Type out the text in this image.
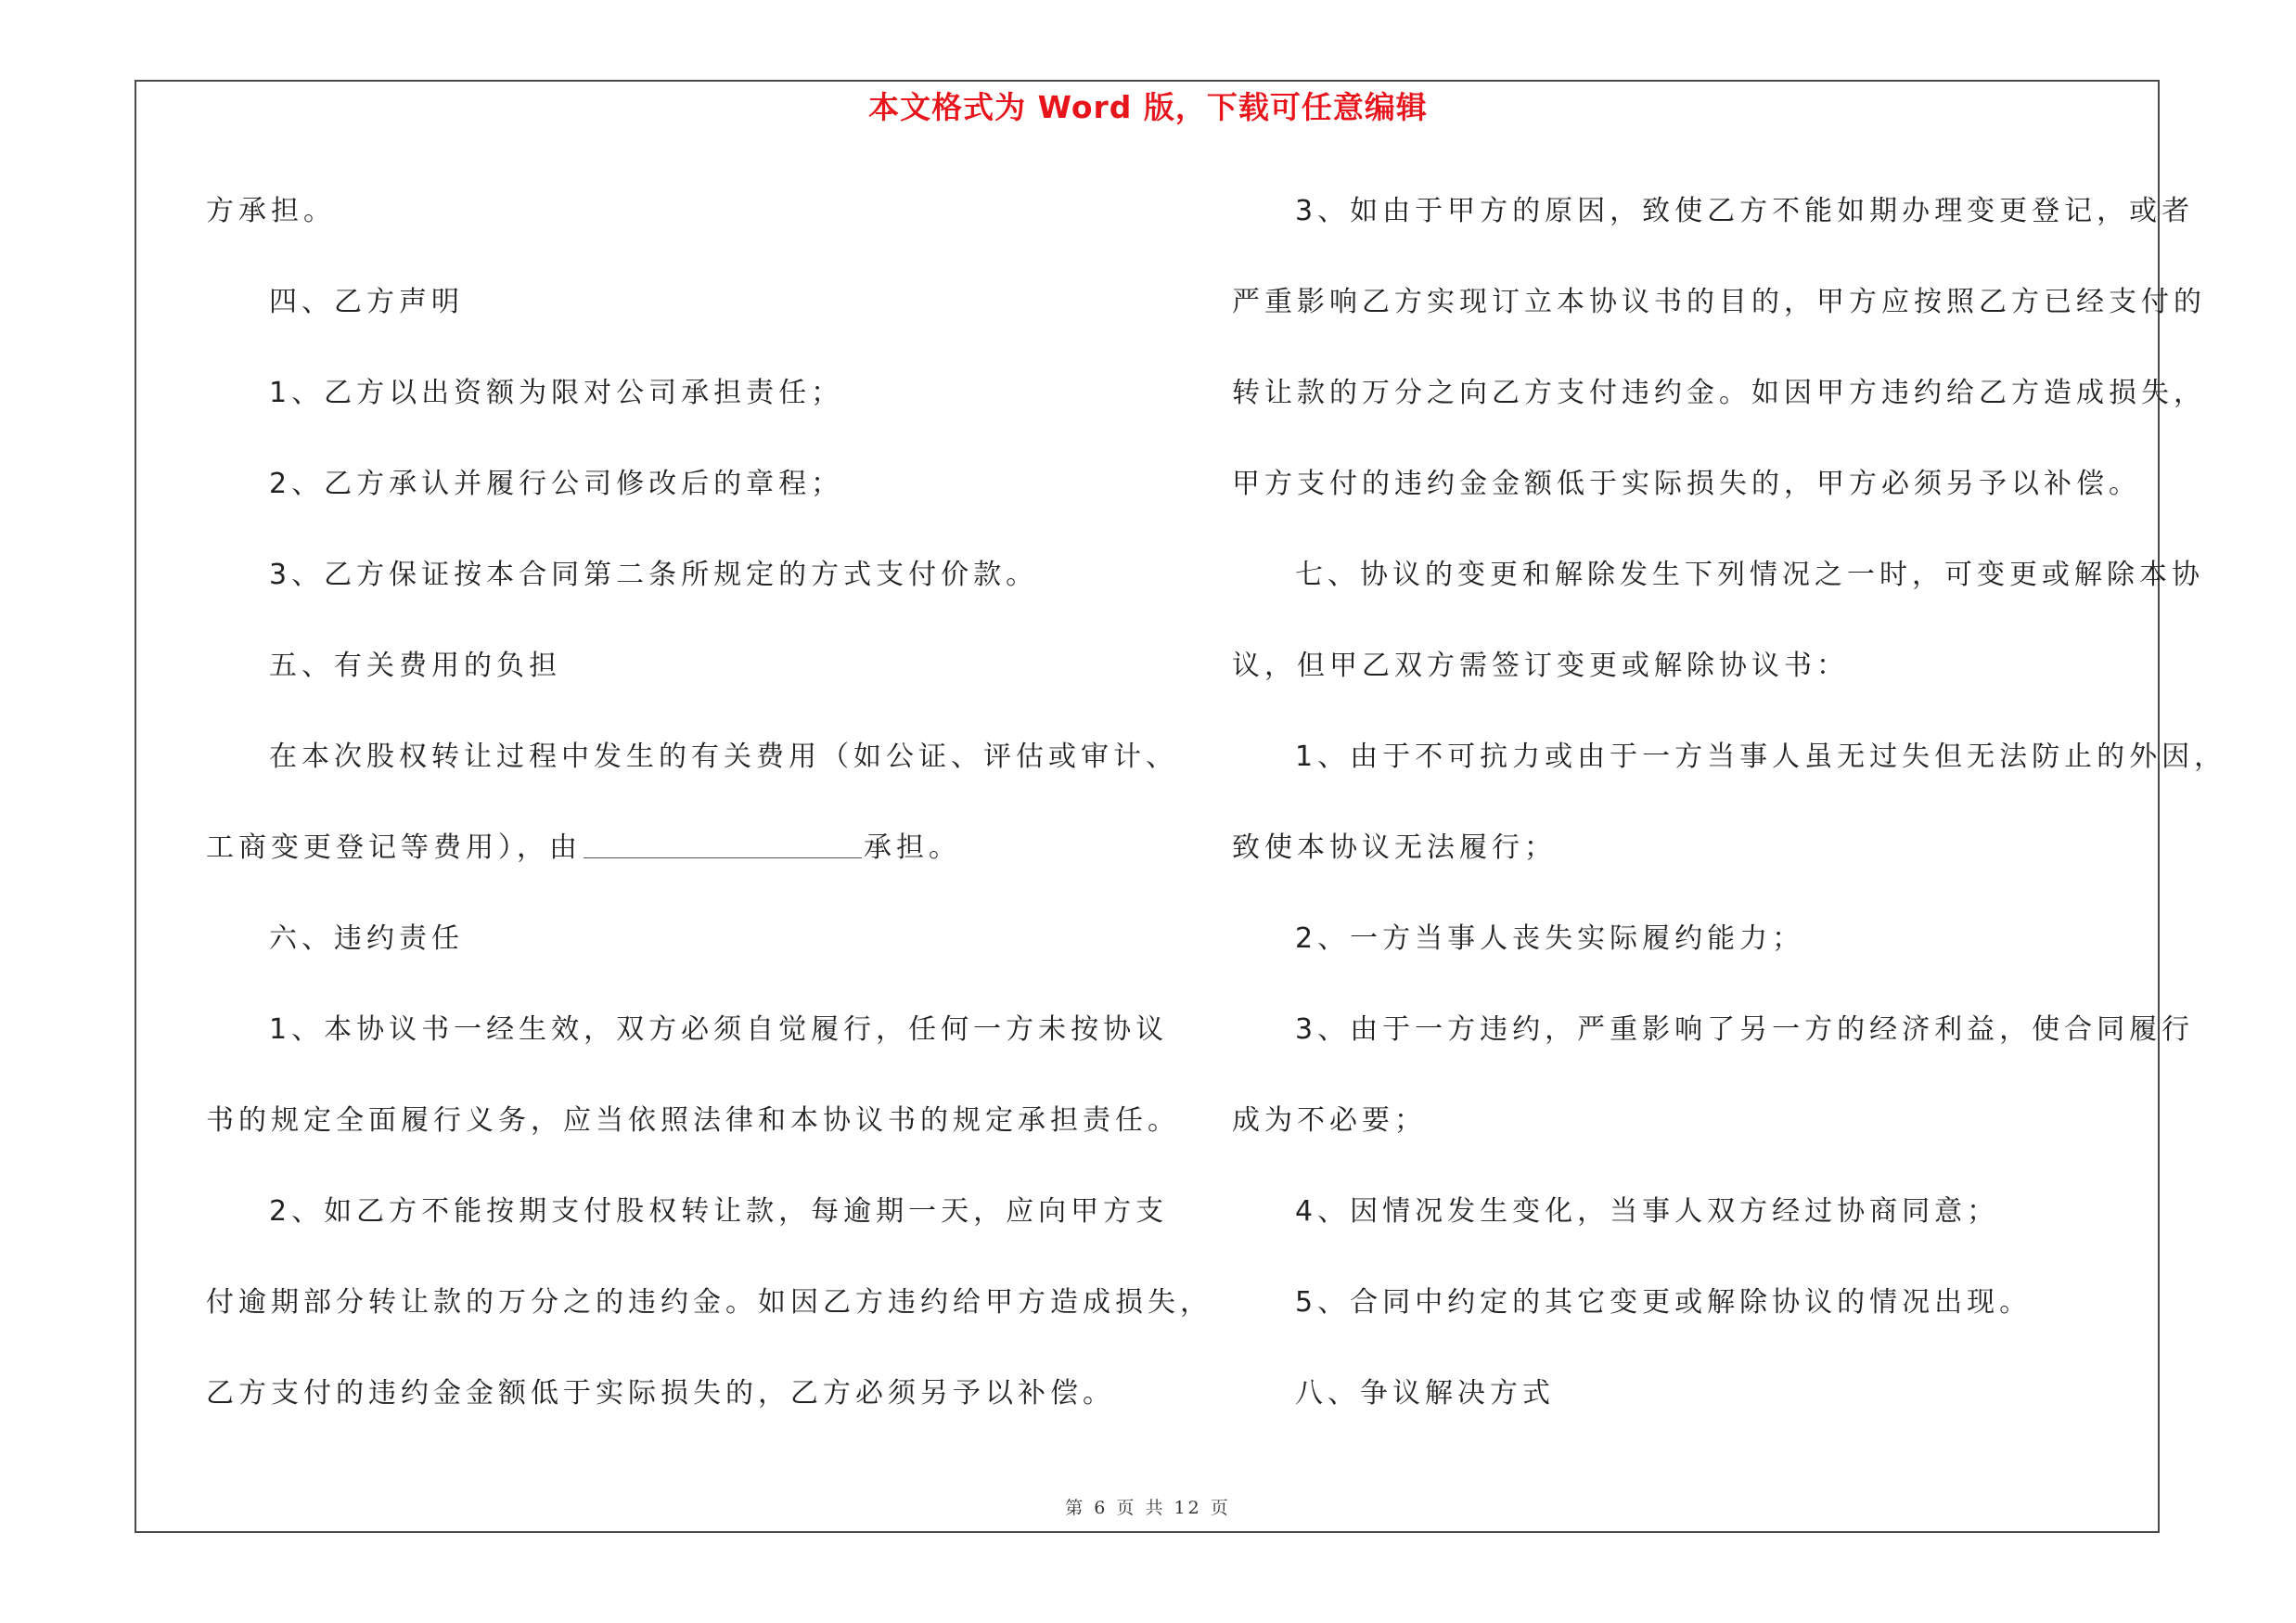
本文格式为 Word 版，下载可任意编辑
方承担。
四、乙方声明
1、乙方以出资额为限对公司承担责任；
2、乙方承认并履行公司修改后的章程；
3、乙方保证按本合同第二条所规定的方式支付价款。
五、有关费用的负担
在本次股权转让过程中发生的有关费用（如公证、评估或审计、
工商变更登记等费用），由	承担。
六、违约责任
1、本协议书一经生效，双方必须自觉履行，任何一方未按协议
书的规定全面履行义务，应当依照法律和本协议书的规定承担责任。
2、如乙方不能按期支付股权转让款，每逾期一天，应向甲方支
付逾期部分转让款的万分之的违约金。如因乙方违约给甲方造成损失，
乙方支付的违约金金额低于实际损失的，乙方必须另予以补偿。
3、如由于甲方的原因，致使乙方不能如期办理变更登记，或者
严重影响乙方实现订立本协议书的目的，甲方应按照乙方已经支付的
转让款的万分之向乙方支付违约金。如因甲方违约给乙方造成损失，
甲方支付的违约金金额低于实际损失的，甲方必须另予以补偿。
七、协议的变更和解除发生下列情况之一时，可变更或解除本协
议，但甲乙双方需签订变更或解除协议书：
1、由于不可抗力或由于一方当事人虽无过失但无法防止的外因，
致使本协议无法履行；
2、一方当事人丧失实际履约能力；
3、由于一方违约，严重影响了另一方的经济利益，使合同履行
成为不必要；
4、因情况发生变化，当事人双方经过协商同意；
5、合同中约定的其它变更或解除协议的情况出现。
八、争议解决方式
第 6 页 共 12 页
